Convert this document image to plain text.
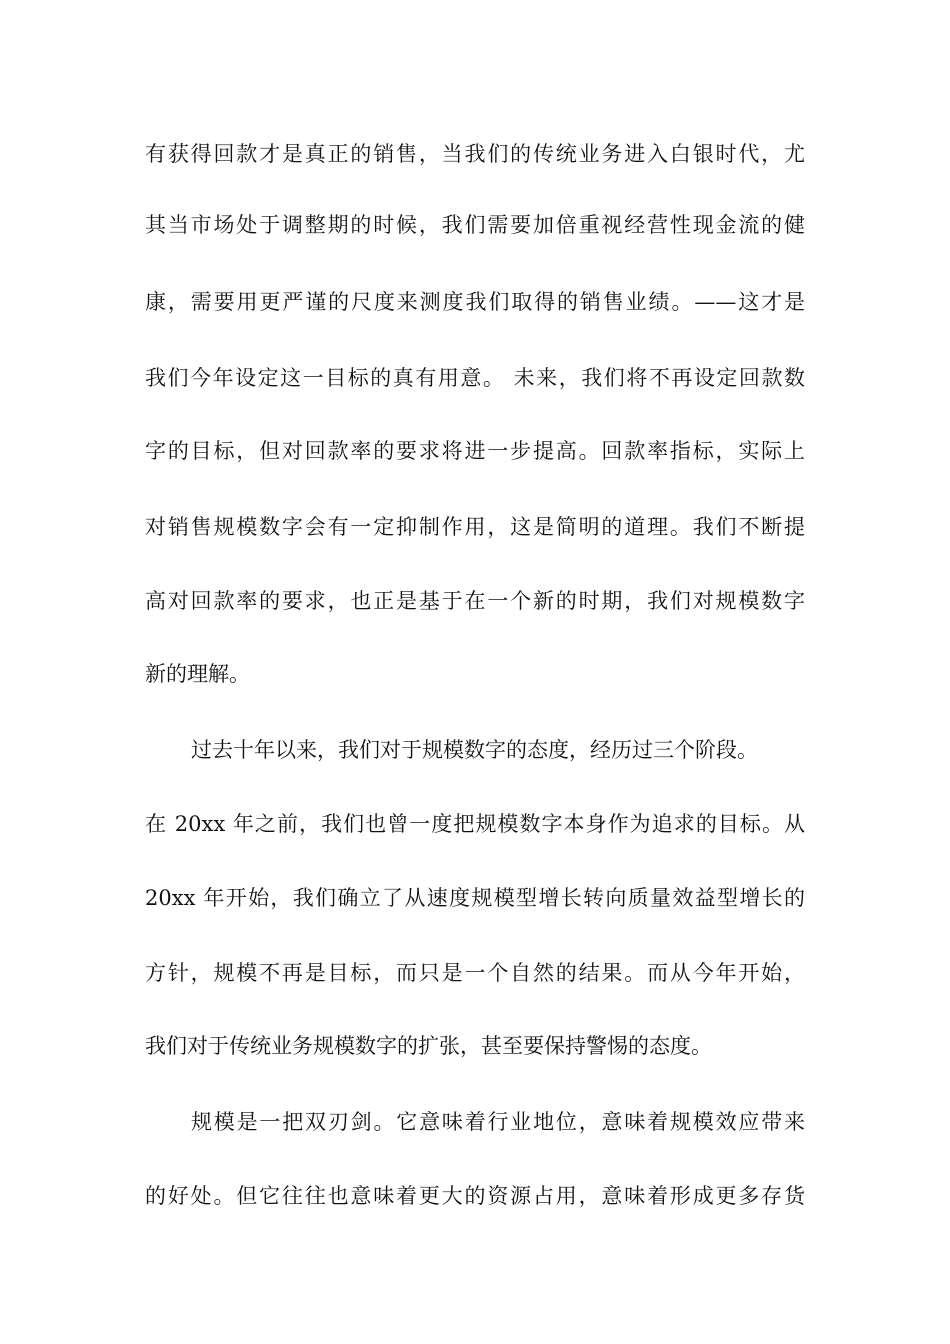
有获得回款才是真正的销售，当我们的传统业务进入白银时代，尤
其当市场处于调整期的时候，我们需要加倍重视经营性现金流的健
康，需要用更严谨的尺度来测度我们取得的销售业绩。——这才是
我们今年设定这一目标的真有用意。 未来，我们将不再设定回款数
字的目标，但对回款率的要求将进一步提高。回款率指标，实际上
对销售规模数字会有一定抑制作用，这是简明的道理。我们不断提
高对回款率的要求，也正是基于在一个新的时期，我们对规模数字
新的理解。
过去十年以来，我们对于规模数字的态度，经历过三个阶段。
在 20xx 年之前，我们也曾一度把规模数字本身作为追求的目标。从
20xx 年开始，我们确立了从速度规模型增长转向质量效益型增长的
方针，规模不再是目标，而只是一个自然的结果。而从今年开始，
我们对于传统业务规模数字的扩张，甚至要保持警惕的态度。
规模是一把双刃剑。它意味着行业地位，意味着规模效应带来
的好处。但它往往也意味着更大的资源占用，意味着形成更多存货
